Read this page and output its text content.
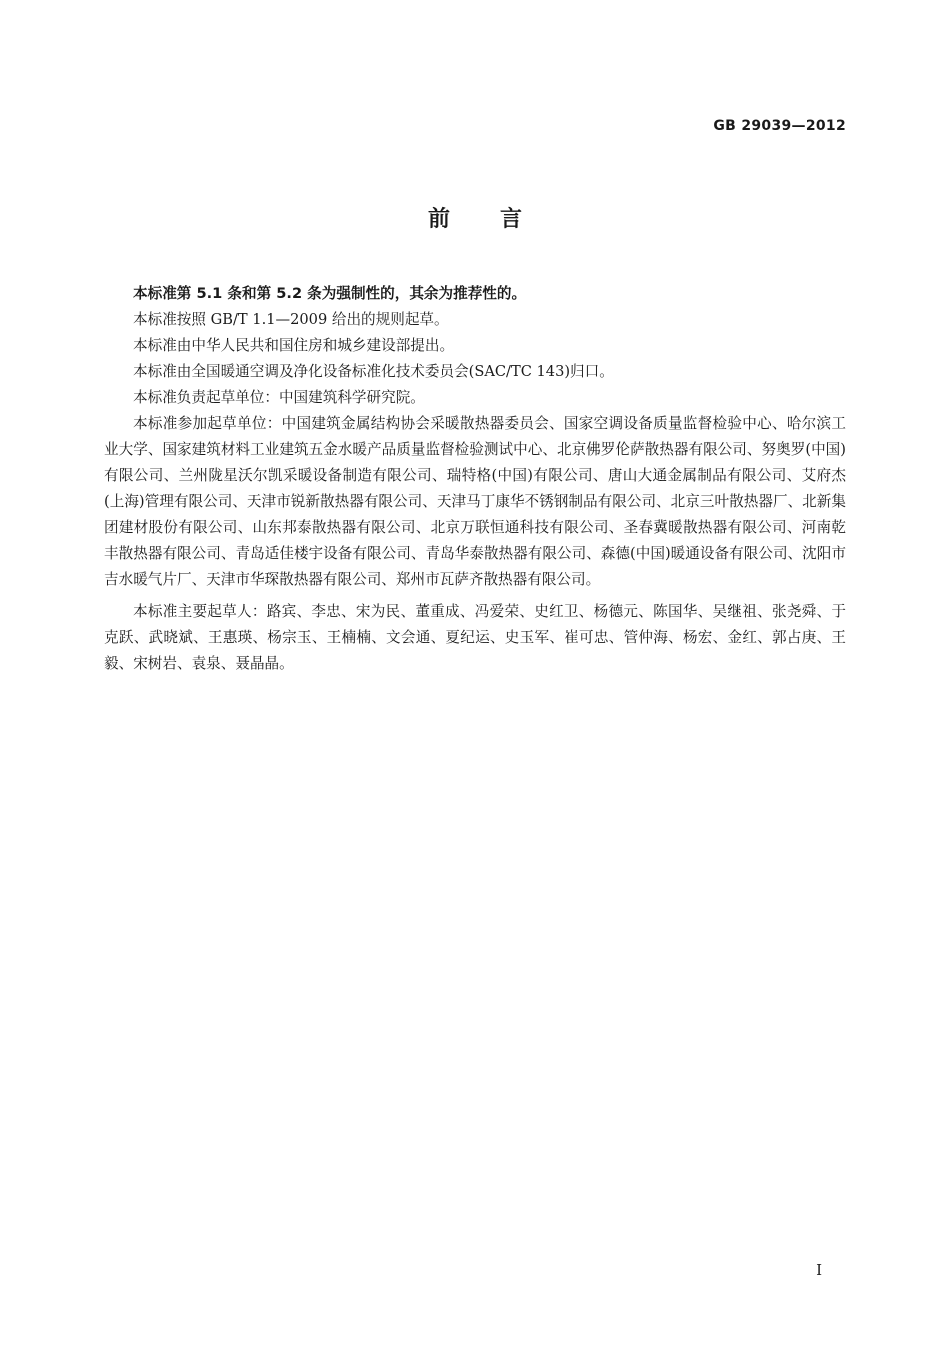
GB 29039—2012
前言

本标准第 5.1 条和第 5.2 条为强制性的，其余为推荐性的。

本标准按照 GB/T 1.1—2009 给出的规则起草。

本标准由中华人民共和国住房和城乡建设部提出。

本标准由全国暖通空调及净化设备标准化技术委员会(SAC/TC 143)归口。

本标准负责起草单位：中国建筑科学研究院。

本标准参加起草单位：中国建筑金属结构协会采暖散热器委员会、国家空调设备质量监督检验中心、哈尔滨工业大学、国家建筑材料工业建筑五金水暖产品质量监督检验测试中心、北京佛罗伦萨散热器有限公司、努奥罗(中国)有限公司、兰州陇星沃尔凯采暖设备制造有限公司、瑞特格(中国)有限公司、唐山大通金属制品有限公司、艾府杰(上海)管理有限公司、天津市锐新散热器有限公司、天津马丁康华不锈钢制品有限公司、北京三叶散热器厂、北新集团建材股份有限公司、山东邦泰散热器有限公司、北京万联恒通科技有限公司、圣春冀暖散热器有限公司、河南乾丰散热器有限公司、青岛适佳楼宇设备有限公司、青岛华泰散热器有限公司、森德(中国)暖通设备有限公司、沈阳市吉水暖气片厂、天津市华琛散热器有限公司、郑州市瓦萨齐散热器有限公司。

本标准主要起草人：路宾、李忠、宋为民、董重成、冯爱荣、史红卫、杨德元、陈国华、吴继祖、张尧舜、于克跃、武晓斌、王惠瑛、杨宗玉、王楠楠、文会通、夏纪运、史玉军、崔可忠、管仲海、杨宏、金红、郭占庚、王毅、宋树岩、袁泉、聂晶晶。

I
